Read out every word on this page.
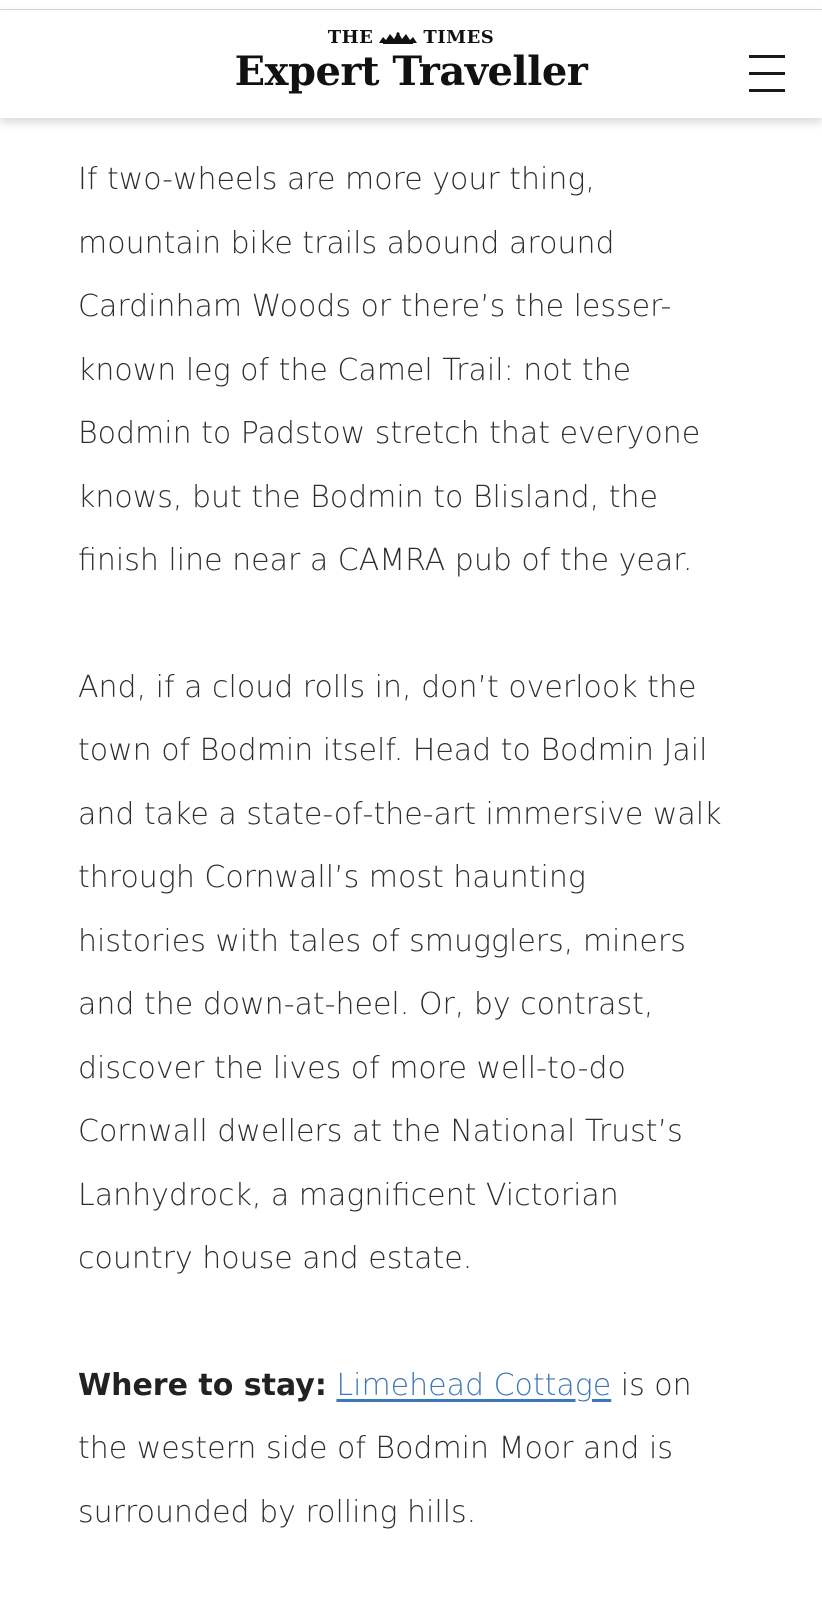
THE	TIMES
Expert Traveller

If two-wheels are more your thing,
mountain bike trails abound around
Cardinham Woods or there’s the lesser-
known leg of the Camel Trail: not the
Bodmin to Padstow stretch that everyone
knows, but the Bodmin to Blisland, the
finish line near a CAMRA pub of the year.

And, if a cloud rolls in, don’t overlook the
town of Bodmin itself. Head to Bodmin Jail
and take a state-of-the-art immersive walk
through Cornwall’s most haunting
histories with tales of smugglers, miners
and the down-at-heel. Or, by contrast,
discover the lives of more well-to-do
Cornwall dwellers at the National Trust’s
Lanhydrock, a magnificent Victorian
country house and estate.

Where to stay: Limehead Cottage is on
the western side of Bodmin Moor and is
surrounded by rolling hills.
